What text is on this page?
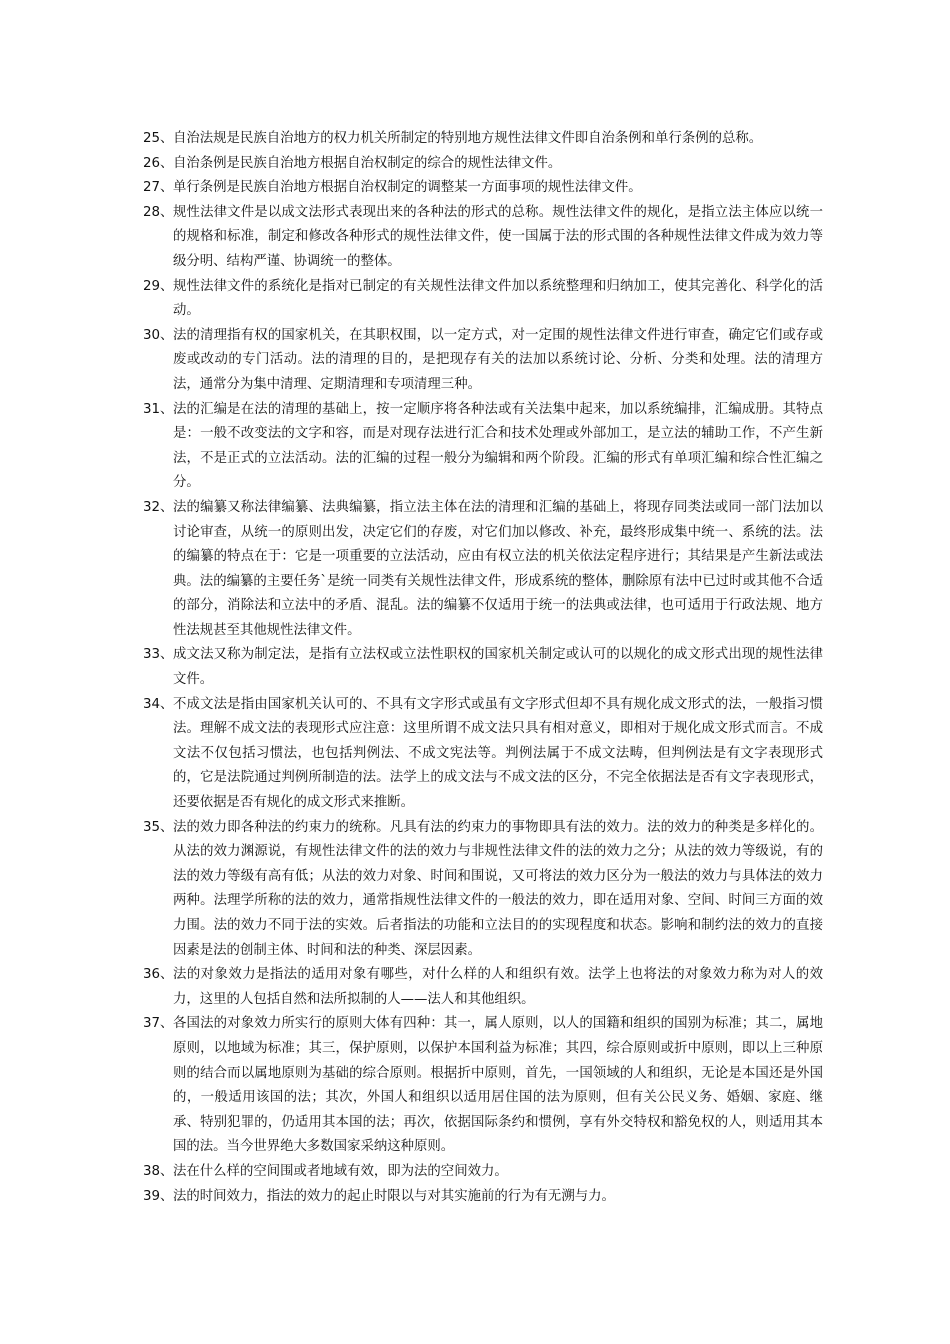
25、 自治法规是民族自治地方的权力机关所制定的特别地方规性法律文件即自治条例和单行条例的总称。
26、 自治条例是民族自治地方根据自治权制定的综合的规性法律文件。
27、 单行条例是民族自治地方根据自治权制定的调整某一方面事项的规性法律文件。
28、 规性法律文件是以成文法形式表现出来的各种法的形式的总称。规性法律文件的规化，是指立法主体应以统一的规格和标准，制定和修改各种形式的规性法律文件，使一国属于法的形式围的各种规性法律文件成为效力等级分明、结构严谨、协调统一的整体。
29、 规性法律文件的系统化是指对已制定的有关规性法律文件加以系统整理和归纳加工，使其完善化、科学化的活动。
30、 法的清理指有权的国家机关，在其职权围，以一定方式，对一定围的规性法律文件进行审查，确定它们或存或废或改动的专门活动。法的清理的目的，是把现存有关的法加以系统讨论、分析、分类和处理。法的清理方法，通常分为集中清理、定期清理和专项清理三种。
31、 法的汇编是在法的清理的基础上，按一定顺序将各种法或有关法集中起来，加以系统编排，汇编成册。其特点是：一般不改变法的文字和容，而是对现存法进行汇合和技术处理或外部加工，是立法的辅助工作，不产生新法，不是正式的立法活动。法的汇编的过程一般分为编辑和两个阶段。汇编的形式有单项汇编和综合性汇编之分。
32、 法的编纂又称法律编纂、法典编纂，指立法主体在法的清理和汇编的基础上，将现存同类法或同一部门法加以讨论审查，从统一的原则出发，决定它们的存废，对它们加以修改、补充，最终形成集中统一、系统的法。法的编纂的特点在于：它是一项重要的立法活动，应由有权立法的机关依法定程序进行；其结果是产生新法或法典。法的编纂的主要任务`是统一同类有关规性法律文件，形成系统的整体，删除原有法中已过时或其他不合适的部分，消除法和立法中的矛盾、混乱。法的编纂不仅适用于统一的法典或法律，也可适用于行政法规、地方性法规甚至其他规性法律文件。
33、 成文法又称为制定法，是指有立法权或立法性职权的国家机关制定或认可的以规化的成文形式出现的规性法律文件。
34、 不成文法是指由国家机关认可的、不具有文字形式或虽有文字形式但却不具有规化成文形式的法，一般指习惯法。理解不成文法的表现形式应注意：这里所谓不成文法只具有相对意义，即相对于规化成文形式而言。不成文法不仅包括习惯法，也包括判例法、不成文宪法等。判例法属于不成文法畴，但判例法是有文字表现形式的，它是法院通过判例所制造的法。法学上的成文法与不成文法的区分，不完全依据法是否有文字表现形式，还要依据是否有规化的成文形式来推断。
35、 法的效力即各种法的约束力的统称。凡具有法的约束力的事物即具有法的效力。法的效力的种类是多样化的。从法的效力渊源说，有规性法律文件的法的效力与非规性法律文件的法的效力之分；从法的效力等级说，有的法的效力等级有高有低；从法的效力对象、时间和围说，又可将法的效力区分为一般法的效力与具体法的效力两种。法理学所称的法的效力，通常指规性法律文件的一般法的效力，即在适用对象、空间、时间三方面的效力围。法的效力不同于法的实效。后者指法的功能和立法目的的实现程度和状态。影响和制约法的效力的直接因素是法的创制主体、时间和法的种类、深层因素。
36、 法的对象效力是指法的适用对象有哪些，对什么样的人和组织有效。法学上也将法的对象效力称为对人的效力，这里的人包括自然和法所拟制的人——法人和其他组织。
37、 各国法的对象效力所实行的原则大体有四种：其一，属人原则，以人的国籍和组织的国别为标准；其二，属地原则，以地域为标准；其三，保护原则，以保护本国利益为标准；其四，综合原则或折中原则，即以上三种原则的结合而以属地原则为基础的综合原则。根据折中原则，首先，一国领域的人和组织，无论是本国还是外国的，一般适用该国的法；其次，外国人和组织以适用居住国的法为原则，但有关公民义务、婚姻、家庭、继承、特别犯罪的，仍适用其本国的法；再次，依据国际条约和惯例，享有外交特权和豁免权的人，则适用其本国的法。当今世界绝大多数国家采纳这种原则。
38、 法在什么样的空间围或者地域有效，即为法的空间效力。
39、 法的时间效力，指法的效力的起止时限以与对其实施前的行为有无溯与力。
